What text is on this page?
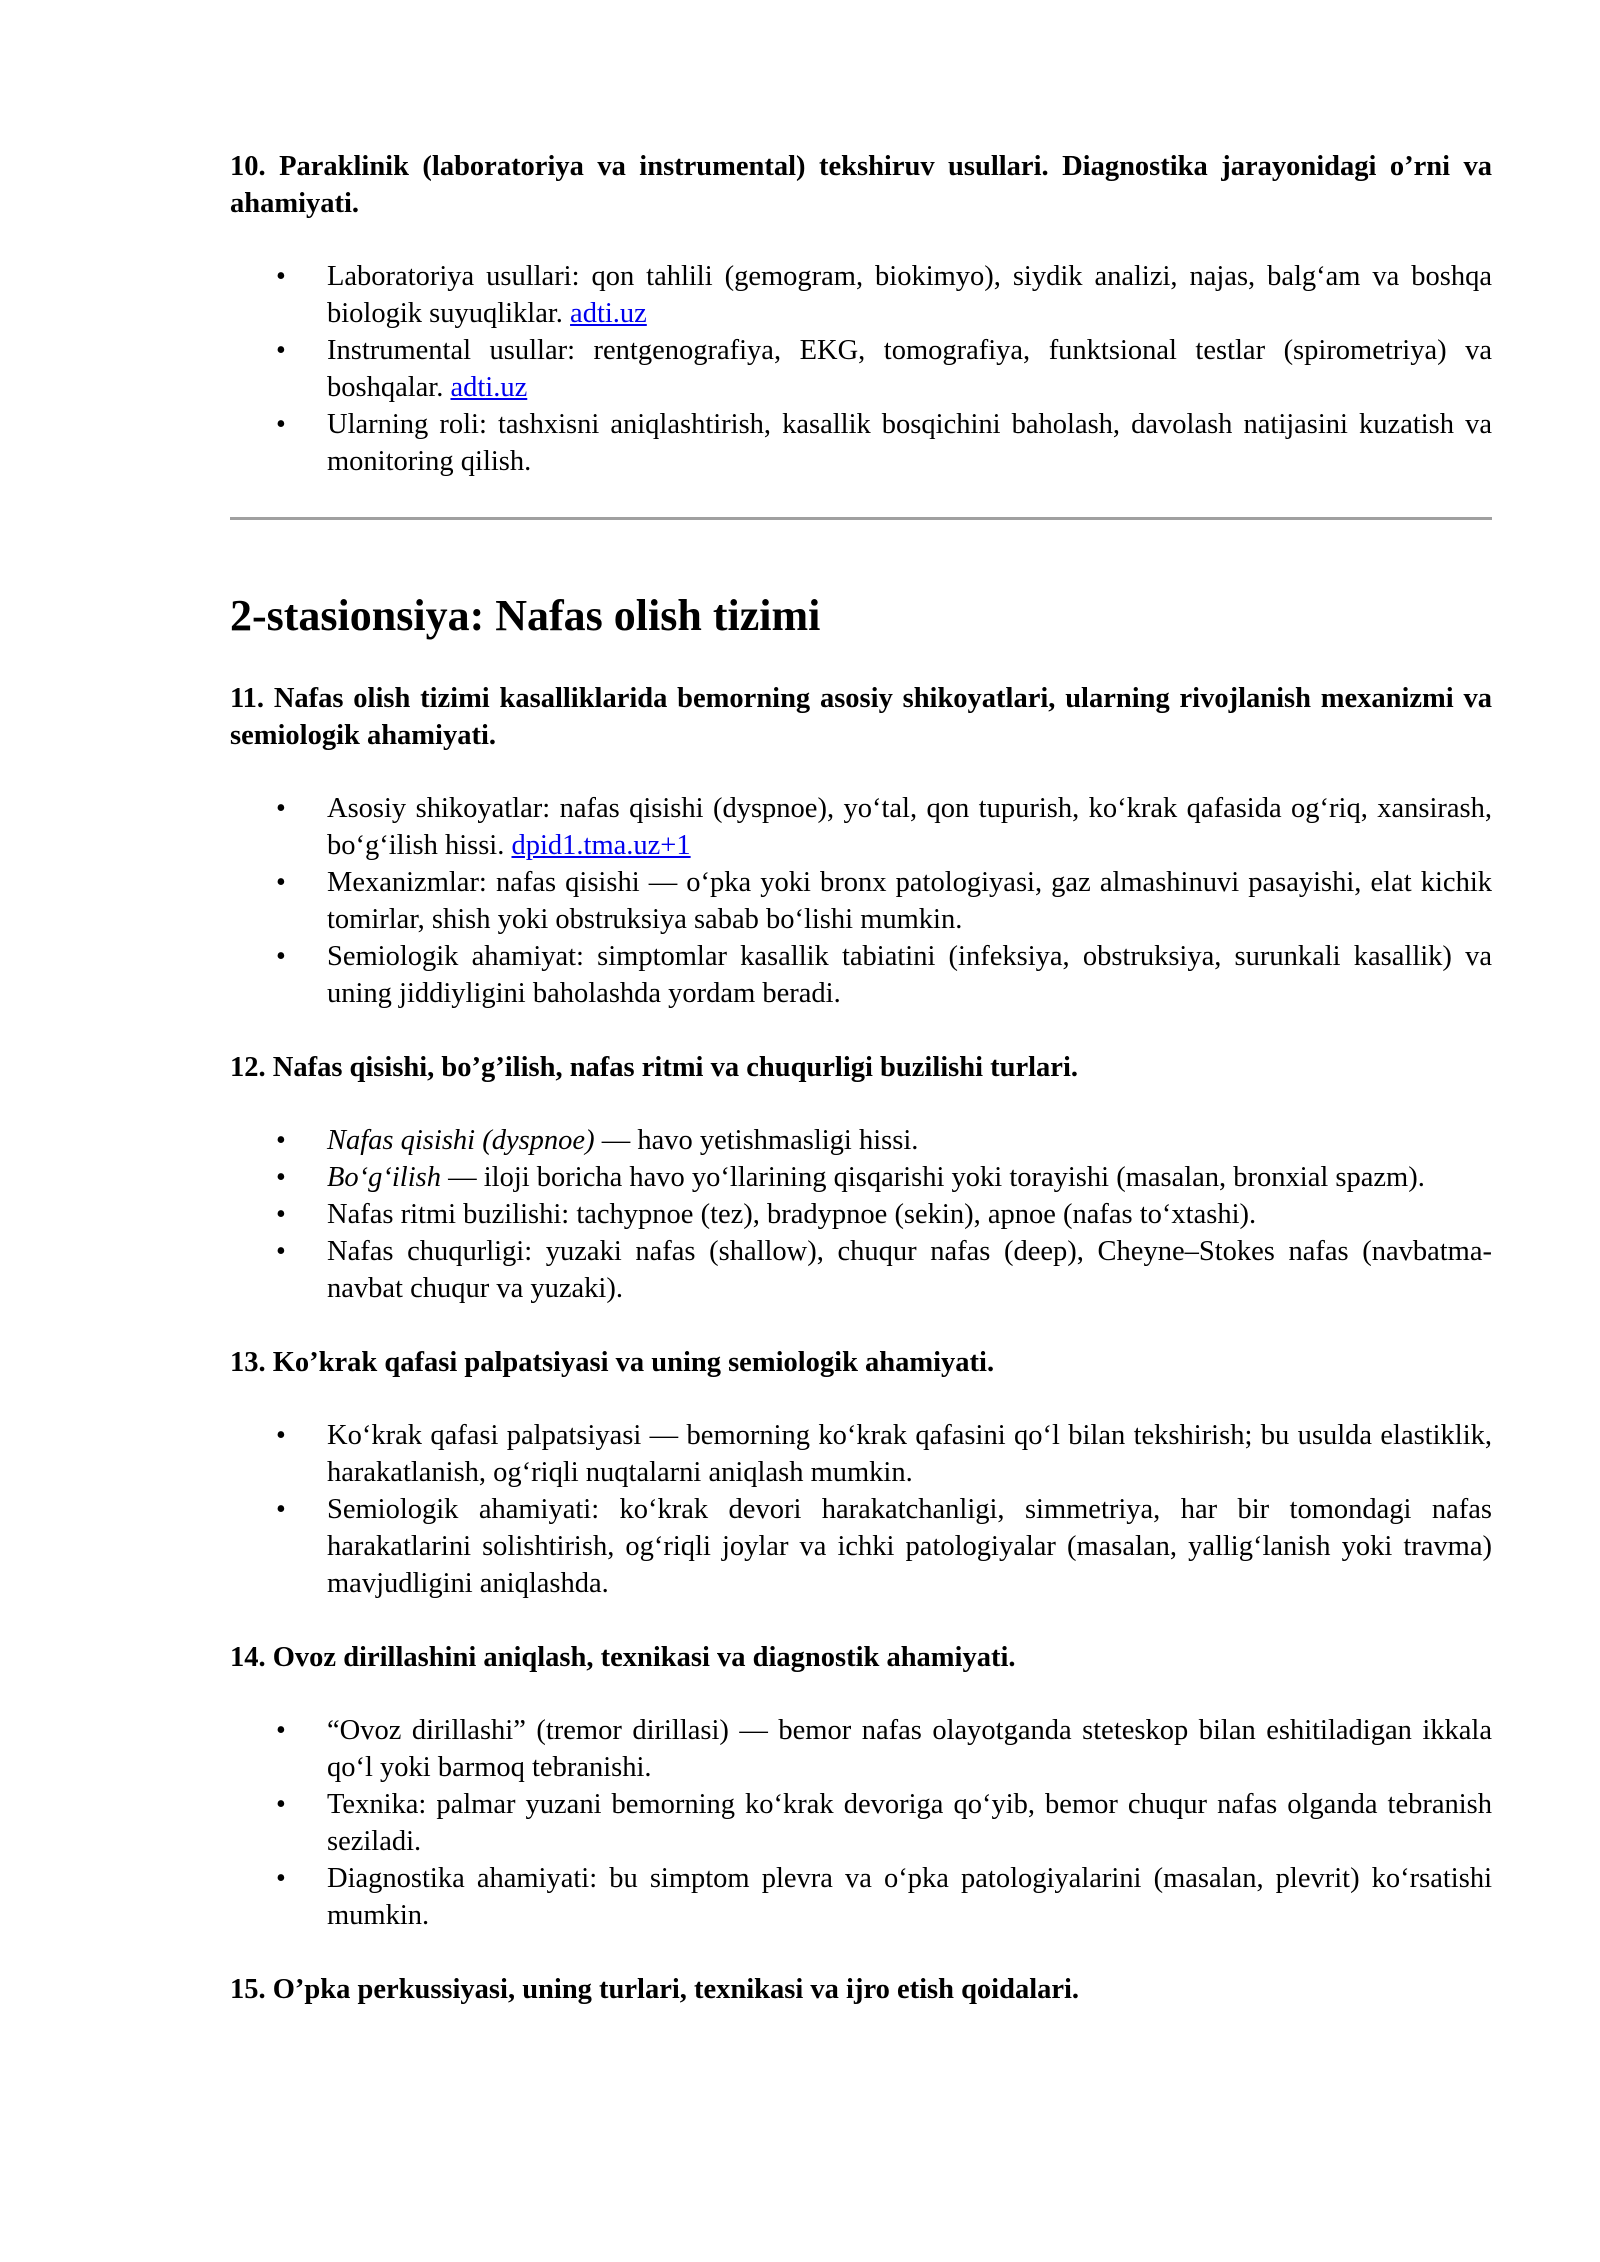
10. Paraklinik (laboratoriya va instrumental) tekshiruv usullari. Diagnostika jarayonidagi o’rni va ahamiyati.

• Laboratoriya usullari: qon tahlili (gemogram, biokimyo), siydik analizi, najas, balg‘am va boshqa biologik suyuqliklar. adti.uz
• Instrumental usullar: rentgenografiya, EKG, tomografiya, funktsional testlar (spirometriya) va boshqalar. adti.uz
• Ularning roli: tashxisni aniqlashtirish, kasallik bosqichini baholash, davolash natijasini kuzatish va monitoring qilish.
2-stasionsiya: Nafas olish tizimi

11. Nafas olish tizimi kasalliklarida bemorning asosiy shikoyatlari, ularning rivojlanish mexanizmi va semiologik ahamiyati.

• Asosiy shikoyatlar: nafas qisishi (dyspnoe), yo‘tal, qon tupurish, ko‘krak qafasida og‘riq, xansirash, bo‘g‘ilish hissi. dpid1.tma.uz+1
• Mexanizmlar: nafas qisishi — o‘pka yoki bronx patologiyasi, gaz almashinuvi pasayishi, elat kichik tomirlar, shish yoki obstruksiya sabab bo‘lishi mumkin.
• Semiologik ahamiyat: simptomlar kasallik tabiatini (infeksiya, obstruksiya, surunkali kasallik) va uning jiddiyligini baholashda yordam beradi.

12. Nafas qisishi, bo’g’ilish, nafas ritmi va chuqurligi buzilishi turlari.

• Nafas qisishi (dyspnoe) — havo yetishmasligi hissi.
• Bo‘g‘ilish — iloji boricha havo yo‘llarining qisqarishi yoki torayishi (masalan, bronxial spazm).
• Nafas ritmi buzilishi: tachypnoe (tez), bradypnoe (sekin), apnoe (nafas to‘xtashi).
• Nafas chuqurligi: yuzaki nafas (shallow), chuqur nafas (deep), Cheyne–Stokes nafas (navbatma-navbat chuqur va yuzaki).

13. Ko’krak qafasi palpatsiyasi va uning semiologik ahamiyati.

• Ko‘krak qafasi palpatsiyasi — bemorning ko‘krak qafasini qo‘l bilan tekshirish; bu usulda elastiklik, harakatlanish, og‘riqli nuqtalarni aniqlash mumkin.
• Semiologik ahamiyati: ko‘krak devori harakatchanligi, simmetriya, har bir tomondagi nafas harakatlarini solishtirish, og‘riqli joylar va ichki patologiyalar (masalan, yallig‘lanish yoki travma) mavjudligini aniqlashda.

14. Ovoz dirillashini aniqlash, texnikasi va diagnostik ahamiyati.

• “Ovoz dirillashi” (tremor dirillasi) — bemor nafas olayotganda steteskop bilan eshitiladigan ikkala qo‘l yoki barmoq tebranishi.
• Texnika: palmar yuzani bemorning ko‘krak devoriga qo‘yib, bemor chuqur nafas olganda tebranish seziladi.
• Diagnostika ahamiyati: bu simptom plevra va o‘pka patologiyalarini (masalan, plevrit) ko‘rsatishi mumkin.

15. O’pka perkussiyasi, uning turlari, texnikasi va ijro etish qoidalari.
